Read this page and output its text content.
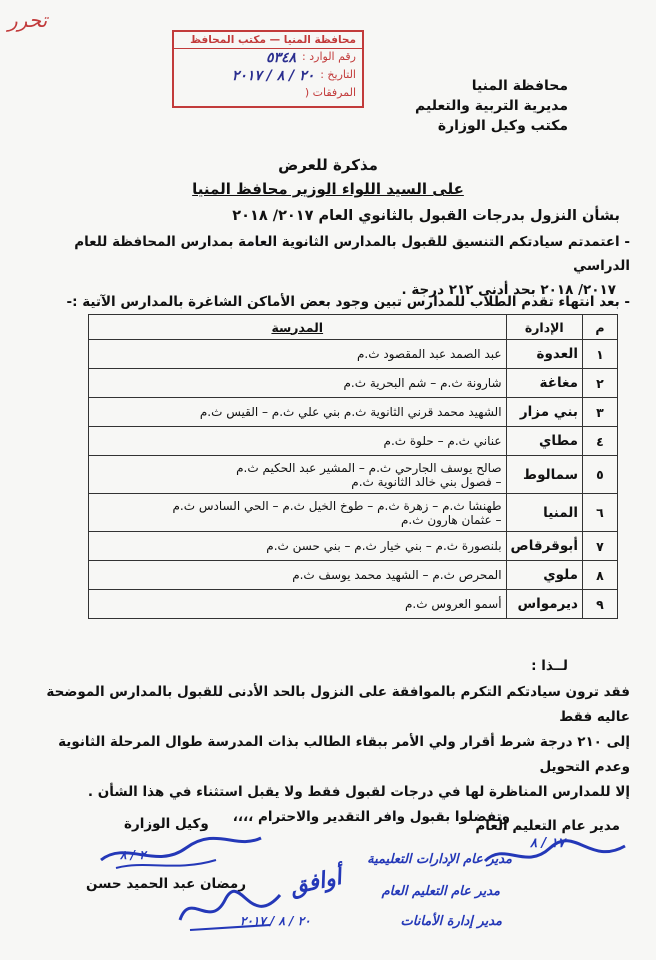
تحرر
محافظة المنيا — مكتب المحافظ
رقم الوارد :
٥٣٤٨
التاريخ :
٢٠ / ٨ / ٢٠١٧
المرفقات (	محافظة المنيا
مديرية التربية والتعليم
مكتب وكيل الوزارة
مذكرة للعرض
على السيد اللواء الوزير محافظ المنيا
بشأن النزول بدرجات القبول بالثانوي العام ٢٠١٧/ ٢٠١٨
- اعتمدتم سيادتكم التنسيق للقبول بالمدارس الثانوية العامة بمدارس المحافظة للعام الدراسي
٢٠١٧/ ٢٠١٨ بحد أدنى ٢١٢ درجة .
- بعد انتهاء تقدم الطلاب للمدارس تبين وجود بعض الأماكن الشاغرة بالمدارس الآتية :-
م	الإدارة	المدرسة
١	العدوة	عبد الصمد عبد المقصود ث.م

٢	مغاغة	شارونة ث.م – شم البحرية ث.م

٣	بني مزار	الشهيد محمد قرني الثانوية ث.م بني علي ث.م – القيس ث.م

٤	مطاي	عناني ث.م – حلوة ث.م

٥	سمالوط	صالح يوسف الجارحي ث.م – المشير عبد الحكيم ث.م
– فصول بني خالد الثانوية ث.م

٦	المنيا	طهنشا ث.م – زهرة ث.م – طوخ الخيل ث.م – الحي السادس ث.م
– عثمان هارون ث.م

٧	أبوقرقاص	بلنصورة ث.م – بني خيار ث.م – بني حسن ث.م

٨	ملوي	المحرص ث.م – الشهيد محمد يوسف ث.م

٩	ديرمواس	أسمو العروس ث.م
لــذا :
فقد ترون سيادتكم التكرم بالموافقة على النزول بالحد الأدنى للقبول بالمدارس الموضحة عاليه فقط
إلى ٢١٠ درجة شرط أقرار ولي الأمر ببقاء الطالب بذات المدرسة طوال المرحلة الثانوية وعدم التحويل
إلا للمدارس المناظرة لها في درجات لقبول فقط ولا يقبل استثناء في هذا الشأن .
وتفضلوا بقبول وافر التقدير والاحترام ،،،،
مدير عام التعليم العام
وكيل الوزارة
رمضان عبد الحميد حسن
٢٠ / ٨
أوافق
٢٠ / ٨ / ٢٠١٧
١٧ / ٨
مدير عام الإدارات التعليمية
مدير عام التعليم العام
مدير إدارة الأمانات
